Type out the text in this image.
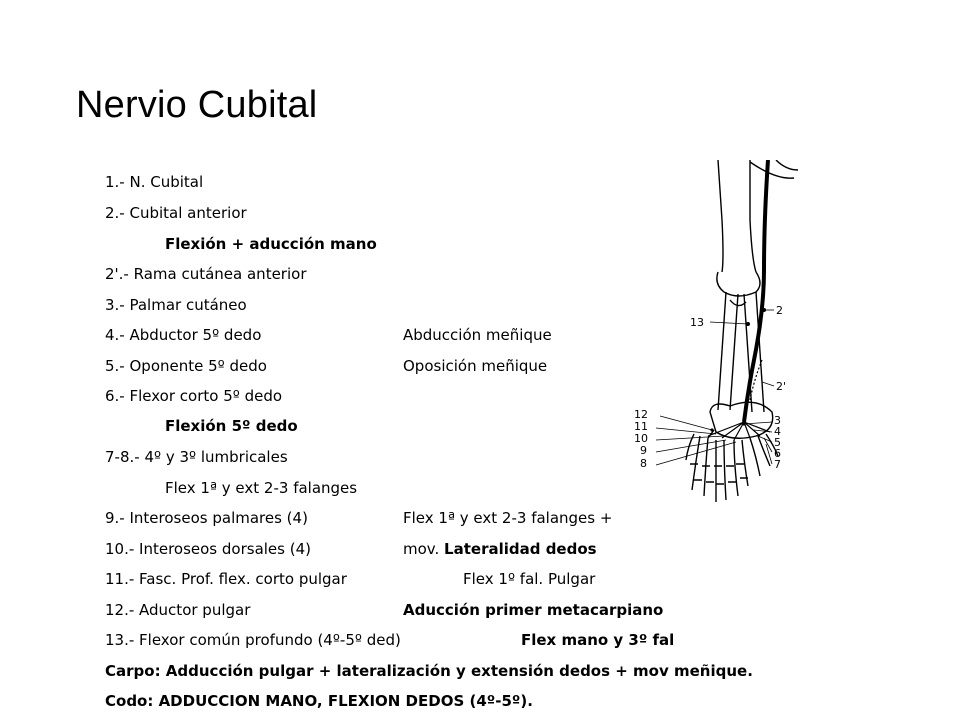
Nervio Cubital
1.- N. Cubital
2.- Cubital anterior
Flexión + aducción mano
2'.- Rama cutánea anterior
3.- Palmar cutáneo
4.- Abductor 5º dedo	Abducción meñique
5.- Oponente 5º dedo	Oposición meñique
6.- Flexor corto 5º dedo
Flexión 5º dedo
7-8.- 4º y 3º lumbricales
Flex 1ª y ext 2-3 falanges
9.- Interoseos palmares (4)	Flex 1ª y ext 2-3 falanges +
10.- Interoseos dorsales (4)	mov. Lateralidad dedos
11.- Fasc. Prof. flex. corto pulgar	Flex 1º fal. Pulgar
12.- Aductor pulgar	Aducción primer metacarpiano
13.- Flexor común profundo (4º-5º ded)	Flex mano y 3º fal
Carpo: Adducción pulgar + lateralización y extensión dedos + mov meñique.
Codo: ADDUCCION MANO, FLEXION DEDOS (4º-5º).
2
13
2'
12
11
10
9
8
3
4
5
6
7
